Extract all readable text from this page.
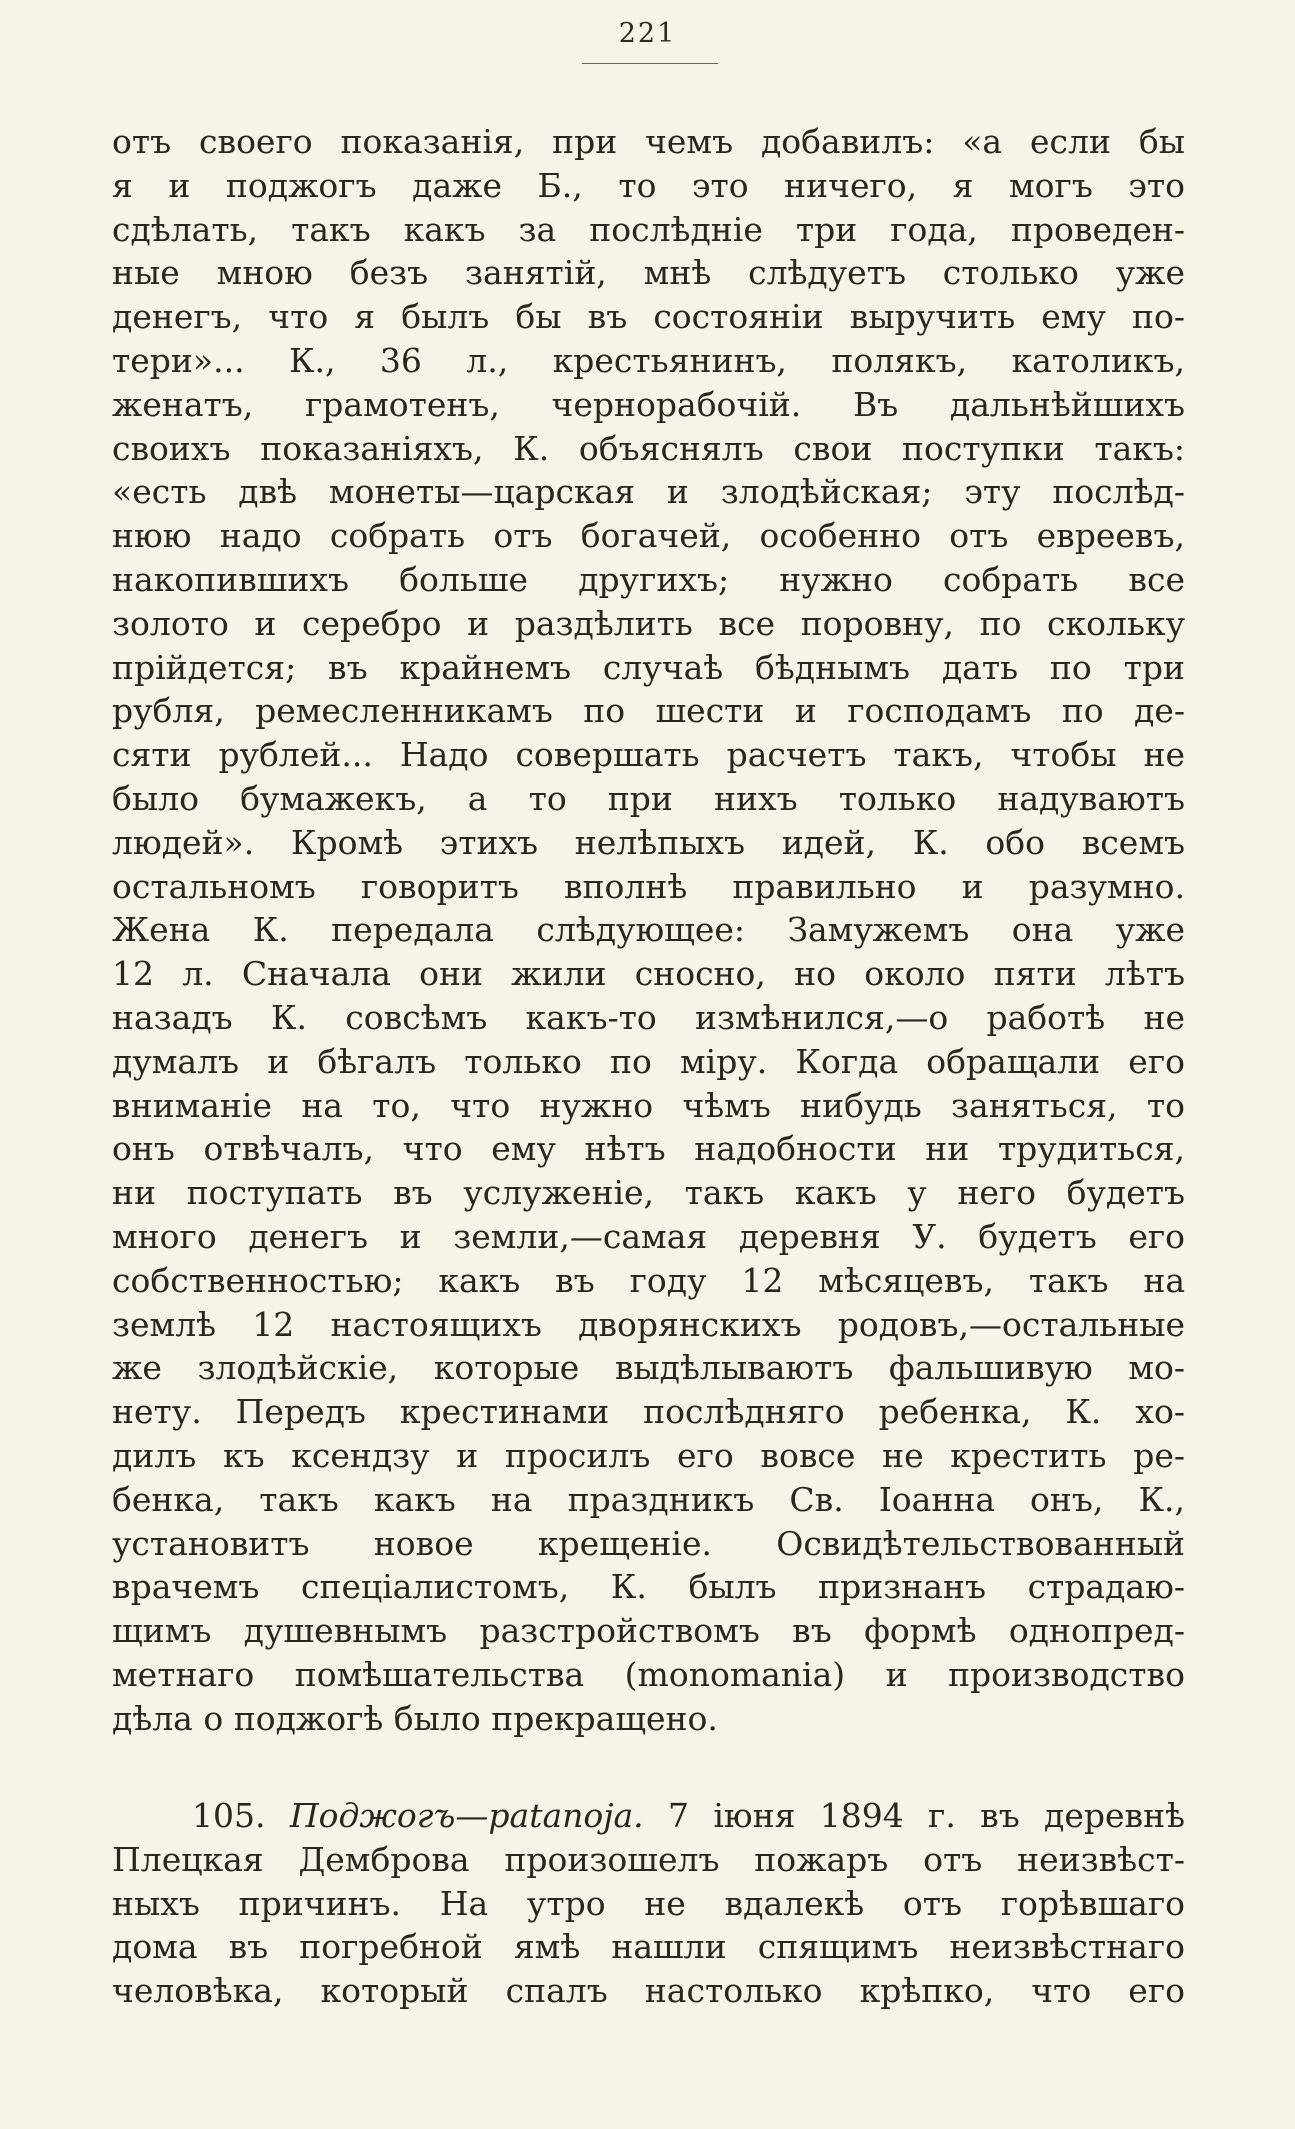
221
отъ своего показанія, при чемъ добавилъ: «а если бы
я и поджогъ даже Б., то это ничего, я могъ это
сдѣлать, такъ какъ за послѣдніе три года, проведен-
ные мною безъ занятій, мнѣ слѣдуетъ столько уже
денегъ, что я былъ бы въ состояніи выручить ему по-
тери»... К., 36 л., крестьянинъ, полякъ, католикъ,
женатъ, грамотенъ, чернорабочій. Въ дальнѣйшихъ
своихъ показаніяхъ, К. объяснялъ свои поступки такъ:
«есть двѣ монеты—царская и злодѣйская; эту послѣд-
нюю надо собрать отъ богачей, особенно отъ евреевъ,
накопившихъ больше другихъ; нужно собрать все
золото и серебро и раздѣлить все поровну, по скольку
прійдется; въ крайнемъ случаѣ бѣднымъ дать по три
рубля, ремесленникамъ по шести и господамъ по де-
сяти рублей... Надо совершать расчетъ такъ, чтобы не
было бумажекъ, а то при нихъ только надуваютъ
людей». Кромѣ этихъ нелѣпыхъ идей, К. обо всемъ
остальномъ говоритъ вполнѣ правильно и разумно.
Жена К. передала слѣдующее: Замужемъ она уже
12 л. Сначала они жили сносно, но около пяти лѣтъ
назадъ К. совсѣмъ какъ-то измѣнился,—о работѣ не
думалъ и бѣгалъ только по міру. Когда обращали его
вниманіе на то, что нужно чѣмъ нибудь заняться, то
онъ отвѣчалъ, что ему нѣтъ надобности ни трудиться,
ни поступать въ услуженіе, такъ какъ у него будетъ
много денегъ и земли,—самая деревня У. будетъ его
собственностью; какъ въ году 12 мѣсяцевъ, такъ на
землѣ 12 настоящихъ дворянскихъ родовъ,—остальные
же злодѣйскіе, которые выдѣлываютъ фальшивую мо-
нету. Передъ крестинами послѣдняго ребенка, К. хо-
дилъ къ ксендзу и просилъ его вовсе не крестить ре-
бенка, такъ какъ на праздникъ Св. Іоанна онъ, К.,
установитъ новое крещеніе. Освидѣтельствованный
врачемъ спеціалистомъ, К. былъ признанъ страдаю-
щимъ душевнымъ разстройствомъ въ формѣ однопред-
метнаго помѣшательства (monomania) и производство
дѣла о поджогѣ было прекращено.
105. Поджогъ—patanoja. 7 іюня 1894 г. въ деревнѣ
Плецкая Демброва произошелъ пожаръ отъ неизвѣст-
ныхъ причинъ. На утро не вдалекѣ отъ горѣвшаго
дома въ погребной ямѣ нашли спящимъ неизвѣстнаго
человѣка, который спалъ настолько крѣпко, что его
